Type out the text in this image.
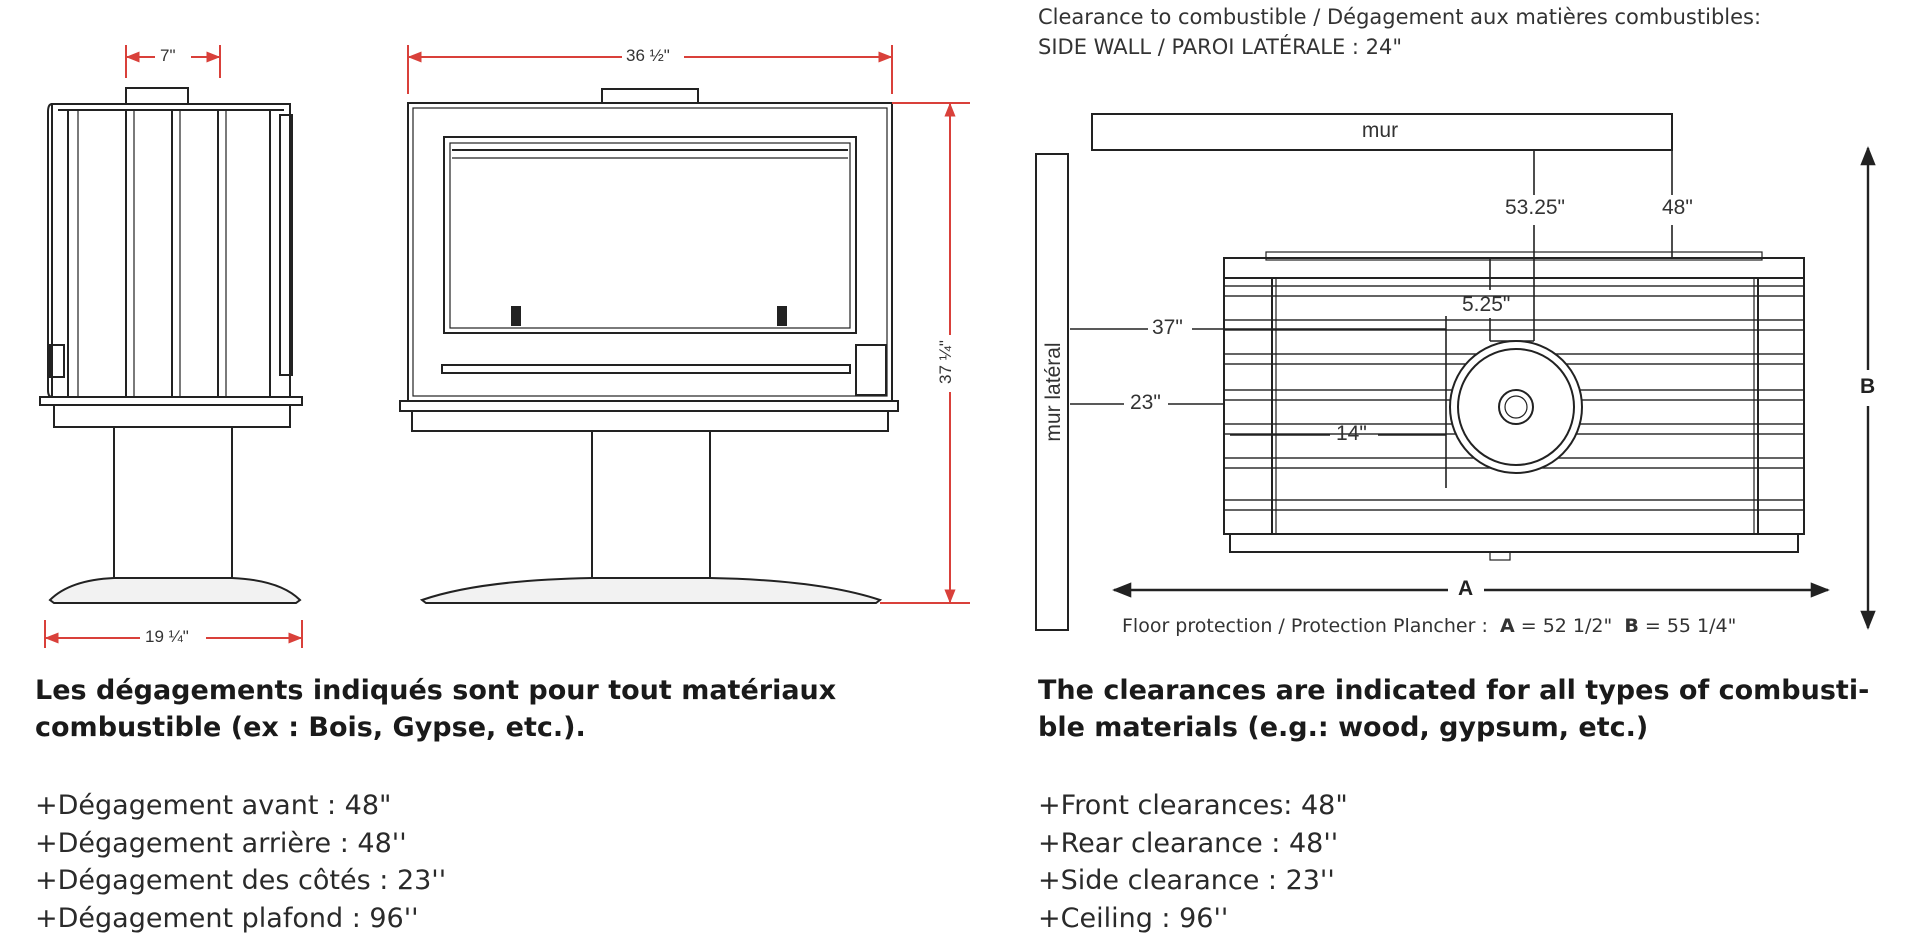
7"
19 ¼"
36 ½"
37 ¼"
Clearance to combustible / Dégagement aux matières combustibles:
SIDE WALL / PAROI LATÉRALE : 24"
mur
mur latéral
53.25"	48"
5.25"
37"
23"
14"
A
B
Floor protection / Protection Plancher : A = 52 1/2" B = 55 1/4"
Les dégagements indiqués sont pour tout matériaux
combustible (ex : Bois, Gypse, etc.).
+Dégagement avant : 48"
+Dégagement arrière : 48''
+Dégagement des côtés : 23''
+Dégagement plafond : 96''
The clearances are indicated for all types of combusti-
ble materials (e.g.: wood, gypsum, etc.)
+Front clearances: 48"
+Rear clearance : 48''
+Side clearance : 23''
+Ceiling : 96''
